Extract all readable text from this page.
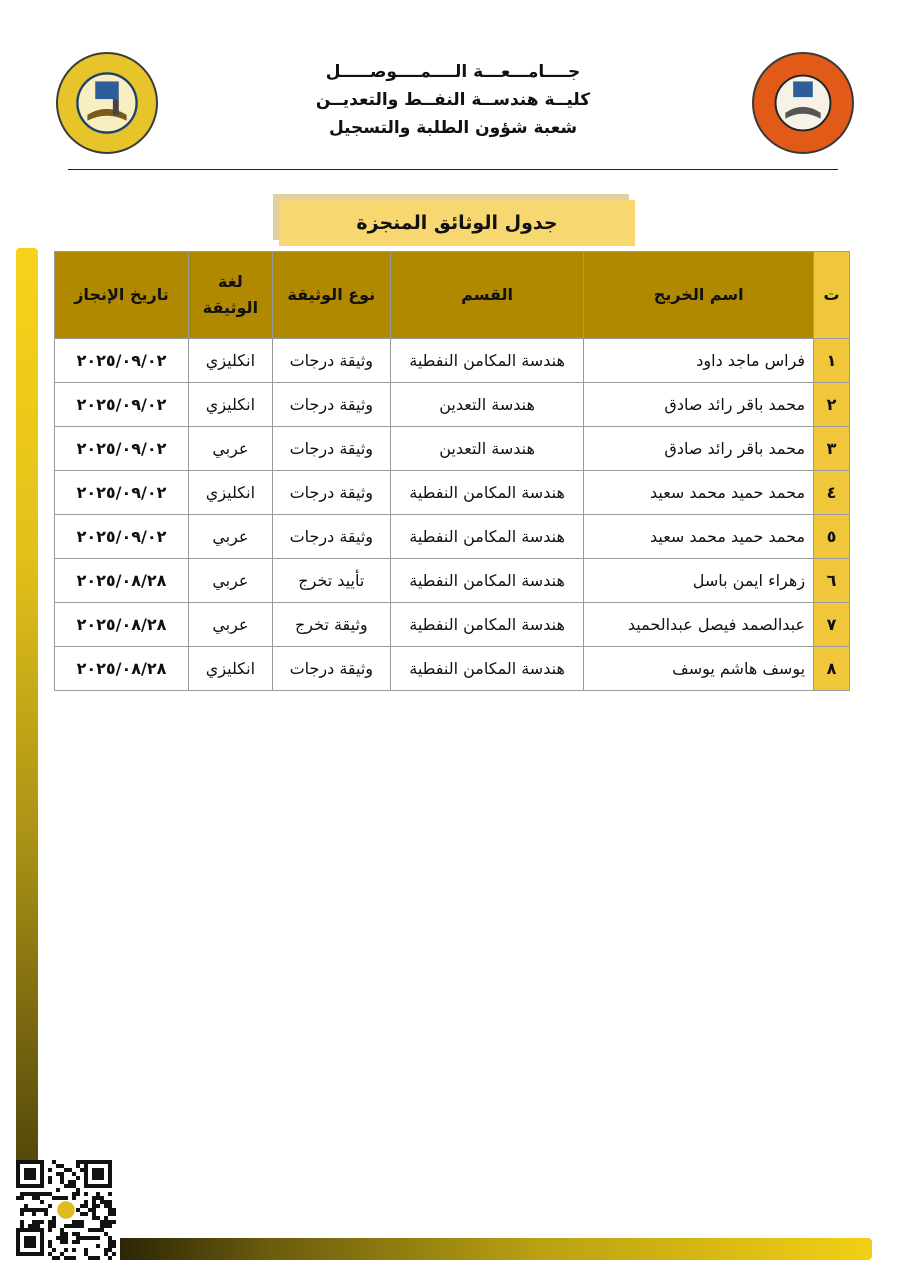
جــــامـــعـــة الــــمــــوصـــــل
كليــة هندســة النفــط والتعديــن
شعبة شؤون الطلبة والتسجيل
جدول الوثائق المنجزة
ت	اسم الخريج	القسم	نوع الوثيقة	لغة الوثيقة	تاريخ الإنجاز
١	فراس ماجد داود	هندسة المكامن النفطية	وثيقة درجات	انكليزي	٢٠٢٥/٠٩/٠٢
٢	محمد باقر رائد صادق	هندسة التعدين	وثيقة درجات	انكليزي	٢٠٢٥/٠٩/٠٢
٣	محمد باقر رائد صادق	هندسة التعدين	وثيقة درجات	عربي	٢٠٢٥/٠٩/٠٢
٤	محمد حميد محمد سعيد	هندسة المكامن النفطية	وثيقة درجات	انكليزي	٢٠٢٥/٠٩/٠٢
٥	محمد حميد محمد سعيد	هندسة المكامن النفطية	وثيقة درجات	عربي	٢٠٢٥/٠٩/٠٢
٦	زهراء ايمن باسل	هندسة المكامن النفطية	تأييد تخرج	عربي	٢٠٢٥/٠٨/٢٨
٧	عبدالصمد فيصل عبدالحميد	هندسة المكامن النفطية	وثيقة تخرج	عربي	٢٠٢٥/٠٨/٢٨
٨	يوسف هاشم يوسف	هندسة المكامن النفطية	وثيقة درجات	انكليزي	٢٠٢٥/٠٨/٢٨
